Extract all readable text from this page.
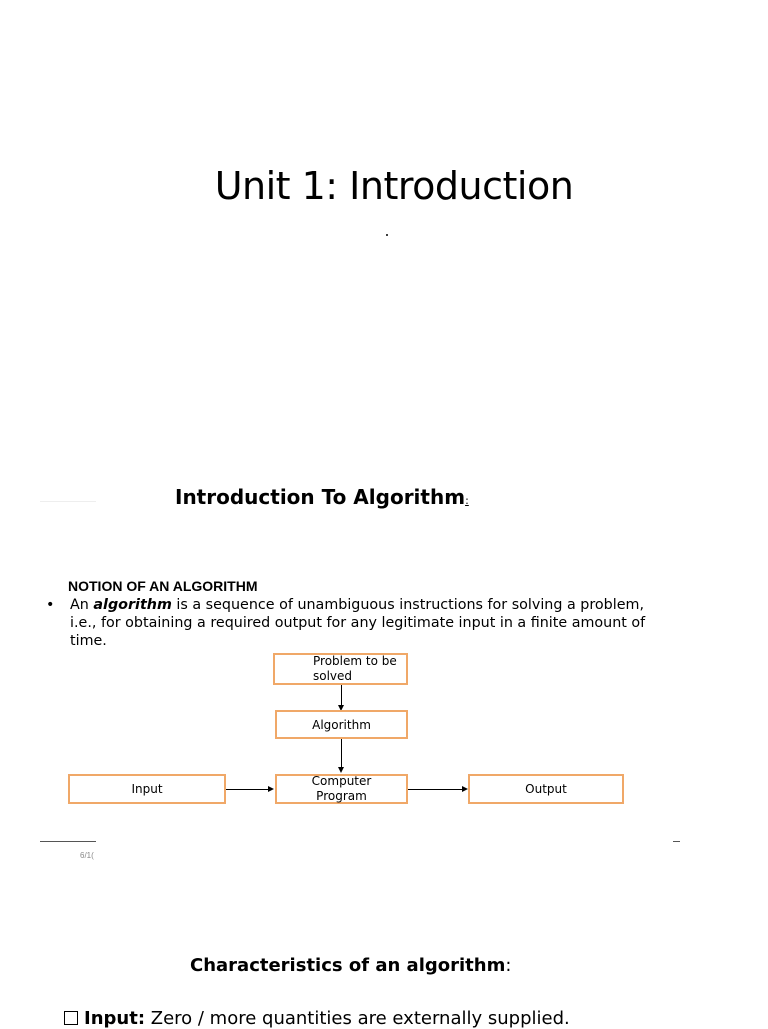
Unit 1: Introduction
Introduction To Algorithm:
NOTION OF AN ALGORITHM
• An algorithm is a sequence of unambiguous instructions for solving a problem, i.e., for obtaining a required output for any legitimate input in a finite amount of time.
Problem to be solved
Algorithm
Input
Computer Program	Output
6/1(
Characteristics of an algorithm:
Input: Zero / more quantities are externally supplied.
